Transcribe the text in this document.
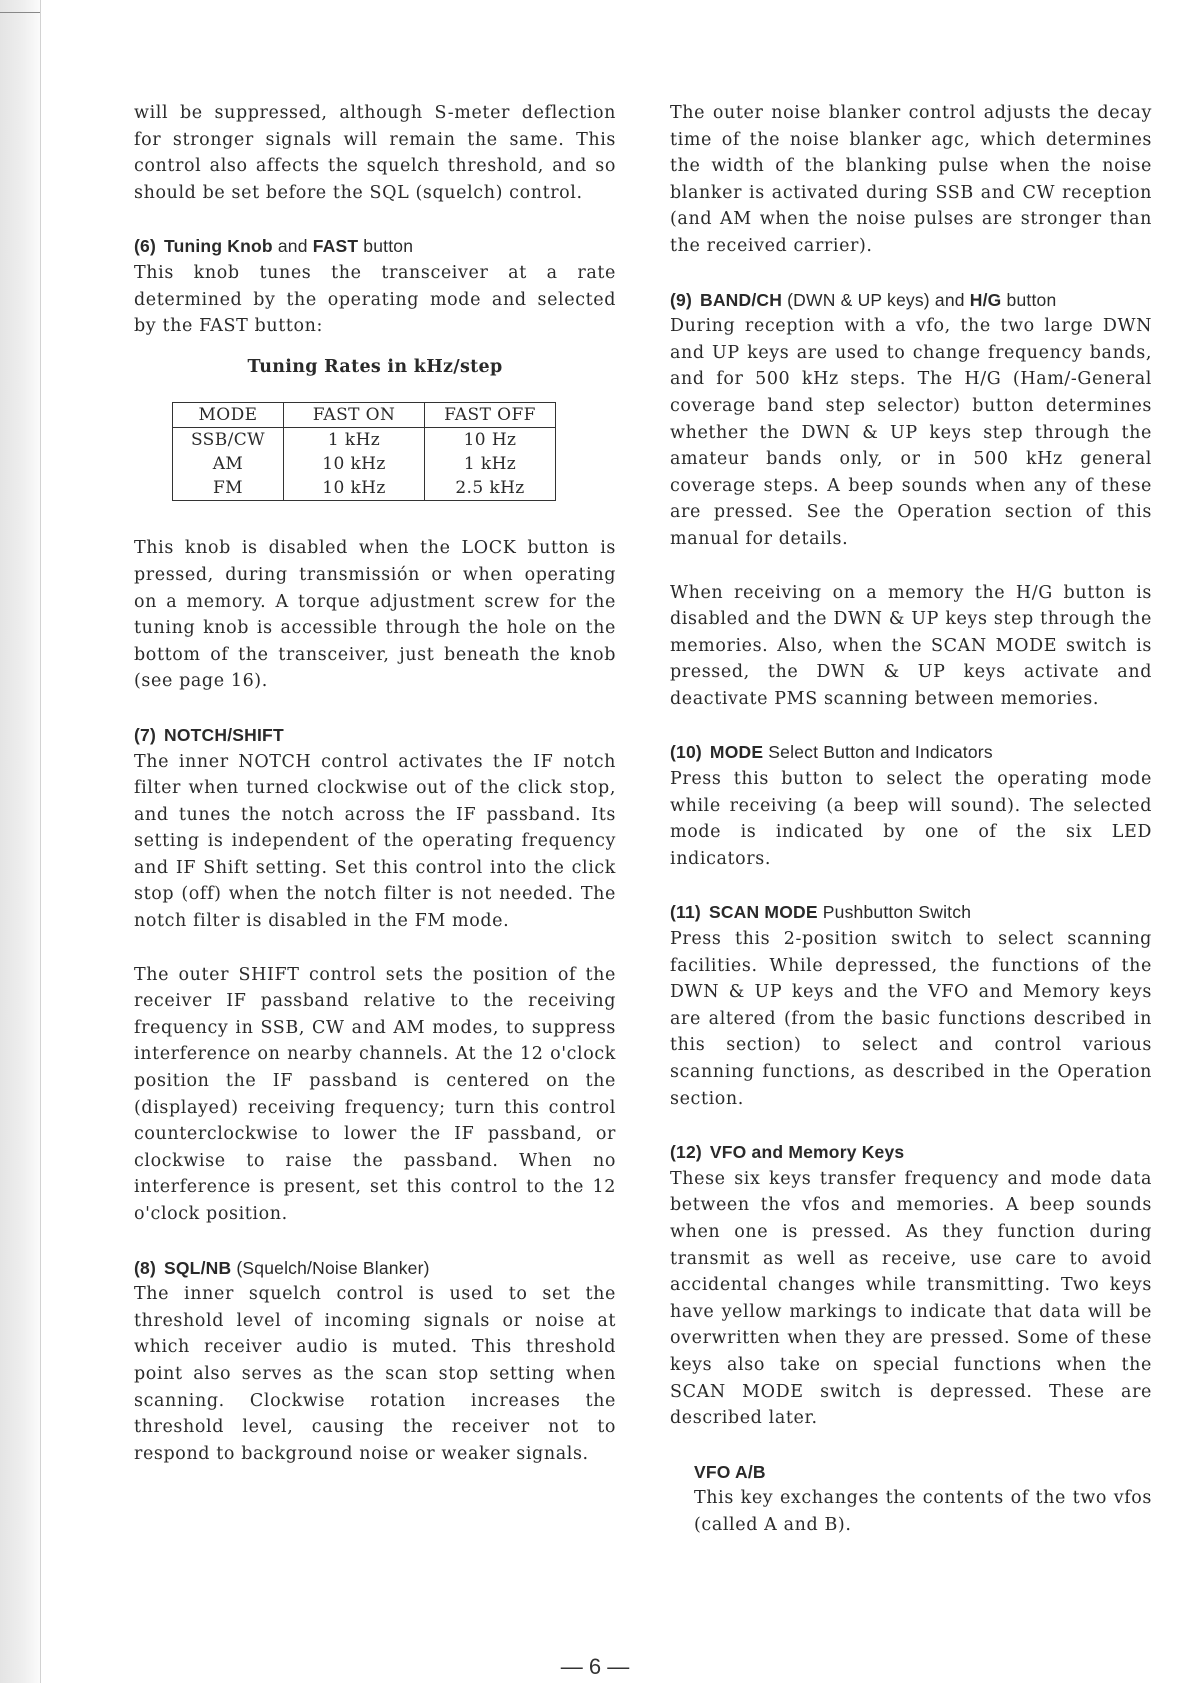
will be suppressed, although S-meter deflection for stronger signals will remain the same. This control also affects the squelch threshold, and so should be set before the SQL (squelch) control.

(6) Tuning Knob and FAST button

This knob tunes the transceiver at a rate determined by the operating mode and selected by the FAST button:

Tuning Rates in kHz/step
MODE	FAST ON	FAST OFF
SSB/CW	1 kHz	10 Hz
AM	10 kHz	1 kHz
FM	10 kHz	2.5 kHz

This knob is disabled when the LOCK button is pressed, during transmissión or when operating on a memory. A torque adjustment screw for the tuning knob is accessible through the hole on the bottom of the transceiver, just beneath the knob (see page 16).

(7) NOTCH/SHIFT

The inner NOTCH control activates the IF notch filter when turned clockwise out of the click stop, and tunes the notch across the IF passband. Its setting is independent of the operating frequency and IF Shift setting. Set this control into the click stop (off) when the notch filter is not needed. The notch filter is disabled in the FM mode.

The outer SHIFT control sets the position of the receiver IF passband relative to the receiving frequency in SSB, CW and AM modes, to suppress interference on nearby channels. At the 12 o'clock position the IF passband is centered on the (displayed) receiving frequency; turn this control counterclockwise to lower the IF passband, or clockwise to raise the passband. When no interference is present, set this control to the 12 o'clock position.

(8) SQL/NB (Squelch/Noise Blanker)

The inner squelch control is used to set the threshold level of incoming signals or noise at which receiver audio is muted. This threshold point also serves as the scan stop setting when scanning. Clockwise rotation increases the threshold level, causing the receiver not to respond to background noise or weaker signals.

The outer noise blanker control adjusts the decay time of the noise blanker agc, which determines the width of the blanking pulse when the noise blanker is activated during SSB and CW reception (and AM when the noise pulses are stronger than the received carrier).

(9) BAND/CH (DWN & UP keys) and H/G button

During reception with a vfo, the two large DWN and UP keys are used to change frequency bands, and for 500 kHz steps. The H/G (Ham/-General coverage band step selector) button determines whether the DWN & UP keys step through the amateur bands only, or in 500 kHz general coverage steps. A beep sounds when any of these are pressed. See the Operation section of this manual for details.

When receiving on a memory the H/G button is disabled and the DWN & UP keys step through the memories. Also, when the SCAN MODE switch is pressed, the DWN & UP keys activate and deactivate PMS scanning between memories.

(10) MODE Select Button and Indicators

Press this button to select the operating mode while receiving (a beep will sound). The selected mode is indicated by one of the six LED indicators.

(11) SCAN MODE Pushbutton Switch

Press this 2-position switch to select scanning facilities. While depressed, the functions of the DWN & UP keys and the VFO and Memory keys are altered (from the basic functions described in this section) to select and control various scanning functions, as described in the Operation section.

(12) VFO and Memory Keys

These six keys transfer frequency and mode data between the vfos and memories. A beep sounds when one is pressed. As they function during transmit as well as receive, use care to avoid accidental changes while transmitting. Two keys have yellow markings to indicate that data will be overwritten when they are pressed. Some of these keys also take on special functions when the SCAN MODE switch is depressed. These are described later.

VFO A/B

This key exchanges the contents of the two vfos (called A and B).

— 6 —
